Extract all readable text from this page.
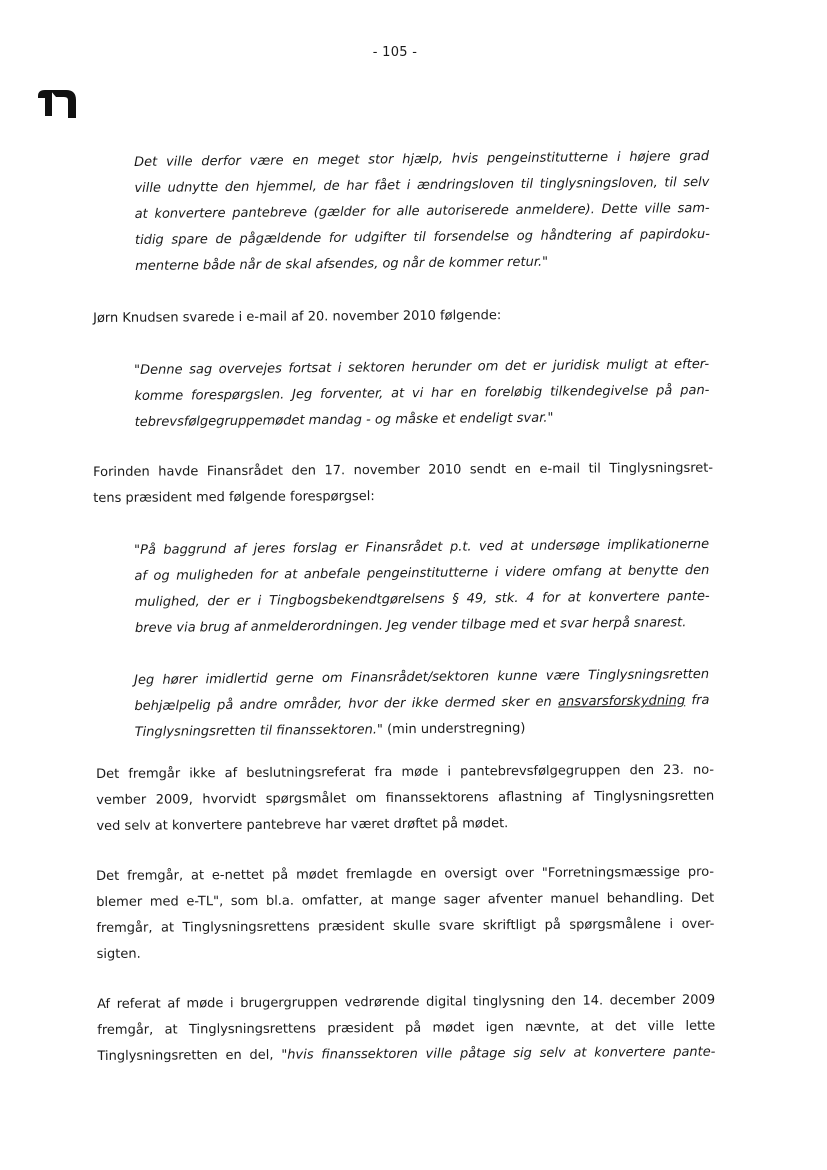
- 105 -
Det ville derfor være en meget stor hjælp, hvis pengeinstitutterne i højere grad
ville udnytte den hjemmel, de har fået i ændringsloven til tinglysningsloven, til selv
at konvertere pantebreve (gælder for alle autoriserede anmeldere). Dette ville sam-
tidig spare de pågældende for udgifter til forsendelse og håndtering af papirdoku-
menterne både når de skal afsendes, og når de kommer retur."
Jørn Knudsen svarede i e-mail af 20. november 2010 følgende:
"Denne sag overvejes fortsat i sektoren herunder om det er juridisk muligt at efter-
komme forespørgslen. Jeg forventer, at vi har en foreløbig tilkendegivelse på pan-
tebrevsfølgegruppemødet mandag - og måske et endeligt svar."
Forinden havde Finansrådet den 17. november 2010 sendt en e-mail til Tinglysningsret-
tens præsident med følgende forespørgsel:
"På baggrund af jeres forslag er Finansrådet p.t. ved at undersøge implikationerne
af og muligheden for at anbefale pengeinstitutterne i videre omfang at benytte den
mulighed, der er i Tingbogsbekendtgørelsens § 49, stk. 4 for at konvertere pante-
breve via brug af anmelderordningen. Jeg vender tilbage med et svar herpå snarest.
Jeg hører imidlertid gerne om Finansrådet/sektoren kunne være Tinglysningsretten
behjælpelig på andre områder, hvor der ikke dermed sker en ansvarsforskydning fra
Tinglysningsretten til finanssektoren." (min understregning)
Det fremgår ikke af beslutningsreferat fra møde i pantebrevsfølgegruppen den 23. no-
vember 2009, hvorvidt spørgsmålet om finanssektorens aflastning af Tinglysningsretten
ved selv at konvertere pantebreve har været drøftet på mødet.
Det fremgår, at e-nettet på mødet fremlagde en oversigt over "Forretningsmæssige pro-
blemer med e-TL", som bl.a. omfatter, at mange sager afventer manuel behandling. Det
fremgår, at Tinglysningsrettens præsident skulle svare skriftligt på spørgsmålene i over-
sigten.
Af referat af møde i brugergruppen vedrørende digital tinglysning den 14. december 2009
fremgår, at Tinglysningsrettens præsident på mødet igen nævnte, at det ville lette
Tinglysningsretten en del, "hvis finanssektoren ville påtage sig selv at konvertere pante-
